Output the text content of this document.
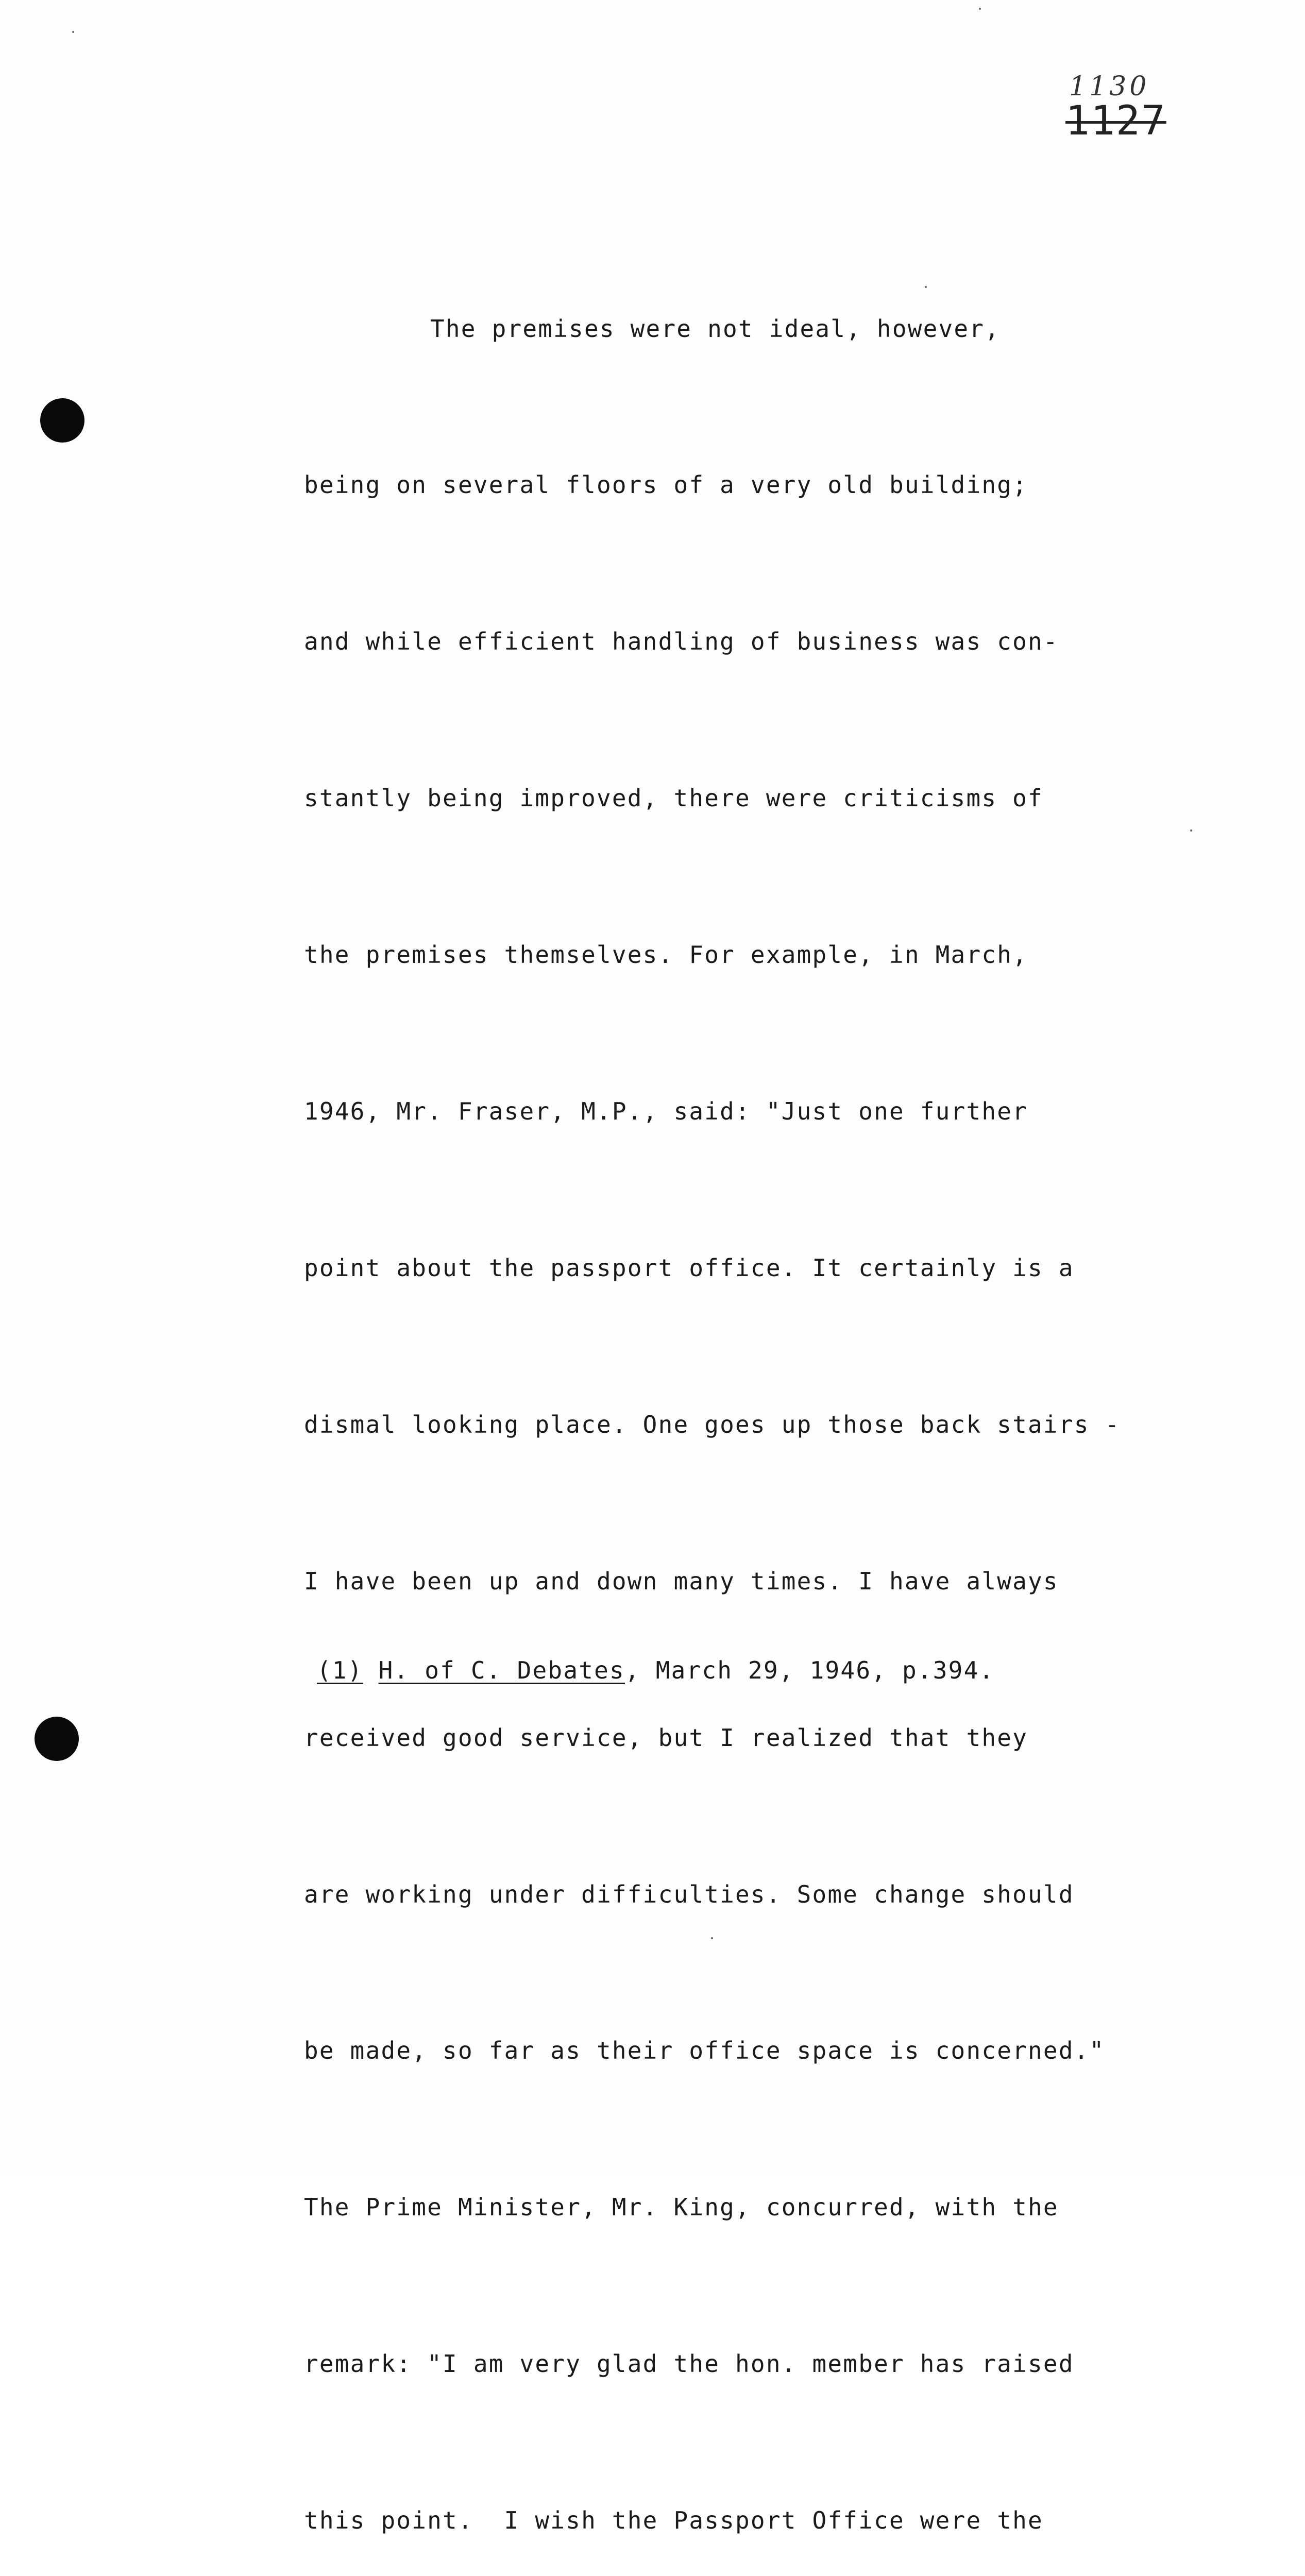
1130
1127

The premises were not ideal, however,

being on several floors of a very old building;

and while efficient handling of business was con-

stantly being improved, there were criticisms of

the premises themselves. For example, in March,

1946, Mr. Fraser, M.P., said: "Just one further

point about the passport office. It certainly is a

dismal looking place. One goes up those back stairs -

I have been up and down many times. I have always

received good service, but I realized that they

are working under difficulties. Some change should

be made, so far as their office space is concerned."

The Prime Minister, Mr. King, concurred, with the

remark: "I am very glad the hon. member has raised

this point.  I wish the Passport Office were the

(1) H. of C. Debates, March 29, 1946, p.394.
